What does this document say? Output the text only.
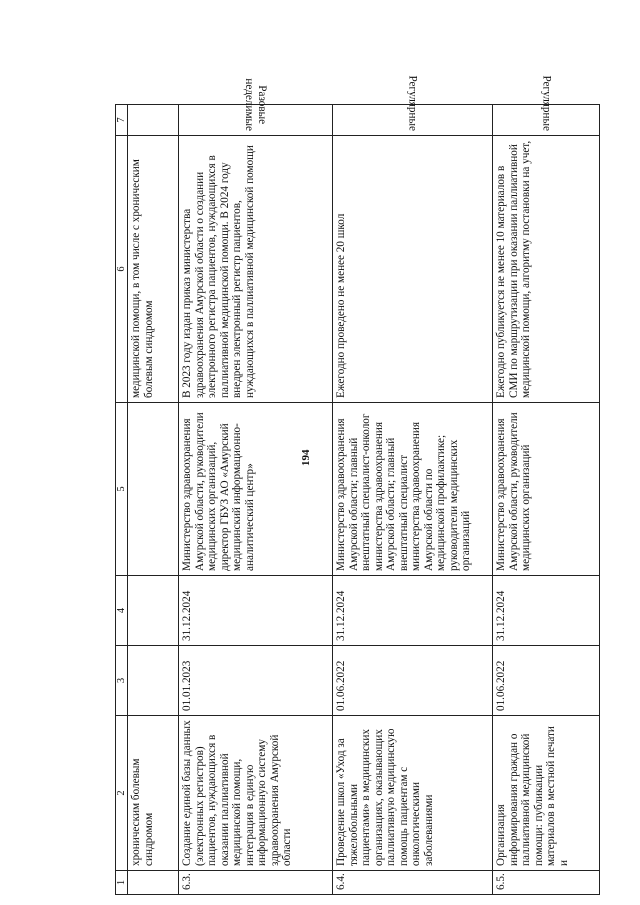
194
1	2	3	4	5	6	7
	хроническим болевым синдромом				медицинской помощи, в том числе с хроническим болевым синдромом	
6.3.	Создание единой базы данных (электронных регистров) пациентов, нуждающихся в оказании паллиативной медицинской помощи, интеграция в единую информационную систему здравоохранения Амурской области	01.01.2023	31.12.2024	Министерство здравоохранения Амурской области, руководители медицинских организаций, директор ГБУЗ АО «Амурский медицинский информационно-аналитический центр»	В 2023 году издан приказ министерства здравоохранения Амурской области о создании электронного регистра пациентов, нуждающихся в паллиативной медицинской помощи. В 2024 году внедрен электронный регистр пациентов, нуждающихся в паллиативной медицинской помощи	Разовые неделимые
6.4.	Проведение школ «Уход за тяжелобольными пациентами» в медицинских организациях, оказывающих паллиативную медицинскую помощь пациентам с онкологическими заболеваниями	01.06.2022	31.12.2024	Министерство здравоохранения Амурской области; главный внештатный специалист-онколог министерства здравоохранения Амурской области; главный внештатный специалист министерства здравоохранения Амурской области по медицинской профилактике; руководители медицинских организаций	Ежегодно проведено не менее 20 школ	Регулярные
6.5.	Организация информирования граждан о паллиативной медицинской помощи: публикации материалов в местной печати и	01.06.2022	31.12.2024	Министерство здравоохранения Амурской области, руководители медицинских организаций	Ежегодно публикуется не менее 10 материалов в СМИ по маршрутизации при оказании паллиативной медицинской помощи, алгоритму постановки на учет,	Регулярные
